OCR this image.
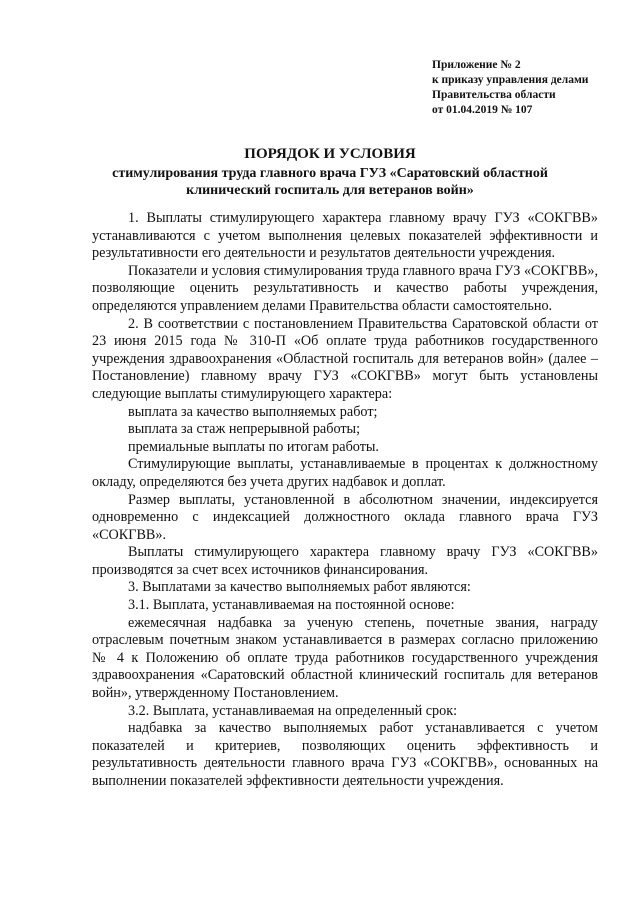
Приложение № 2
к приказу управления делами
Правительства области
от 01.04.2019 № 107
ПОРЯДОК И УСЛОВИЯ
стимулирования труда главного врача ГУЗ «Саратовский областной
клинический госпиталь для ветеранов войн»

1. Выплаты стимулирующего характера главному врачу ГУЗ «СОКГВВ» устанавливаются с учетом выполнения целевых показателей эффективности и результативности его деятельности и результатов деятельности учреждения.

Показатели и условия стимулирования труда главного врача ГУЗ «СОКГВВ», позволяющие оценить результативность и качество работы учреждения, определяются управлением делами Правительства области самостоятельно.

2. В соответствии с постановлением Правительства Саратовской области от 23 июня 2015 года № 310-П «Об оплате труда работников государственного учреждения здравоохранения «Областной госпиталь для ветеранов войн» (далее – Постановление) главному врачу ГУЗ «СОКГВВ» могут быть установлены следующие выплаты стимулирующего характера:

выплата за качество выполняемых работ;

выплата за стаж непрерывной работы;

премиальные выплаты по итогам работы.

Стимулирующие выплаты, устанавливаемые в процентах к должностному окладу, определяются без учета других надбавок и доплат.

Размер выплаты, установленной в абсолютном значении, индексируется одновременно с индексацией должностного оклада главного врача ГУЗ «СОКГВВ».

Выплаты стимулирующего характера главному врачу ГУЗ «СОКГВВ» производятся за счет всех источников финансирования.

3. Выплатами за качество выполняемых работ являются:

3.1. Выплата, устанавливаемая на постоянной основе:

ежемесячная надбавка за ученую степень, почетные звания, награду отраслевым почетным знаком устанавливается в размерах согласно приложению № 4 к Положению об оплате труда работников государственного учреждения здравоохранения «Саратовский областной клинический госпиталь для ветеранов войн», утвержденному Постановлением.

3.2. Выплата, устанавливаемая на определенный срок:

надбавка за качество выполняемых работ устанавливается с учетом показателей и критериев, позволяющих оценить эффективность и результативность деятельности главного врача ГУЗ «СОКГВВ», основанных на выполнении показателей эффективности деятельности учреждения.
